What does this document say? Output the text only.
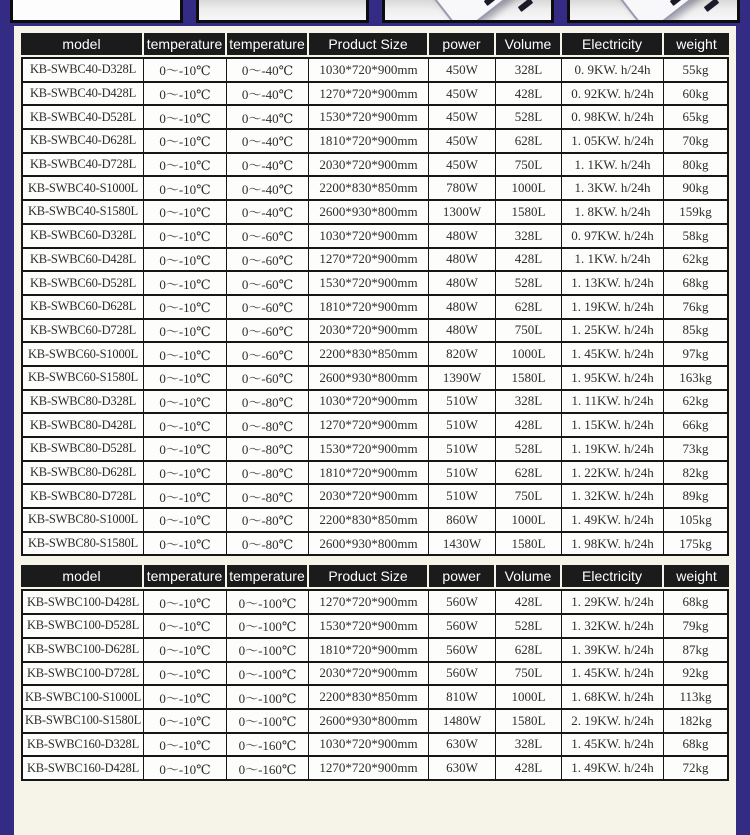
model	temperature	temperature	Product Size	power	Volume	Electricity	weight
KB-SWBC40-D328L	0～-10℃	0～-40℃	1030*720*900mm	450W	328L	0. 9KW. h/24h	55kg
KB-SWBC40-D428L	0～-10℃	0～-40℃	1270*720*900mm	450W	428L	0. 92KW. h/24h	60kg
KB-SWBC40-D528L	0～-10℃	0～-40℃	1530*720*900mm	450W	528L	0. 98KW. h/24h	65kg
KB-SWBC40-D628L	0～-10℃	0～-40℃	1810*720*900mm	450W	628L	1. 05KW. h/24h	70kg
KB-SWBC40-D728L	0～-10℃	0～-40℃	2030*720*900mm	450W	750L	1. 1KW. h/24h	80kg
KB-SWBC40-S1000L	0～-10℃	0～-40℃	2200*830*850mm	780W	1000L	1. 3KW. h/24h	90kg
KB-SWBC40-S1580L	0～-10℃	0～-40℃	2600*930*800mm	1300W	1580L	1. 8KW. h/24h	159kg
KB-SWBC60-D328L	0～-10℃	0～-60℃	1030*720*900mm	480W	328L	0. 97KW. h/24h	58kg
KB-SWBC60-D428L	0～-10℃	0～-60℃	1270*720*900mm	480W	428L	1. 1KW. h/24h	62kg
KB-SWBC60-D528L	0～-10℃	0～-60℃	1530*720*900mm	480W	528L	1. 13KW. h/24h	68kg
KB-SWBC60-D628L	0～-10℃	0～-60℃	1810*720*900mm	480W	628L	1. 19KW. h/24h	76kg
KB-SWBC60-D728L	0～-10℃	0～-60℃	2030*720*900mm	480W	750L	1. 25KW. h/24h	85kg
KB-SWBC60-S1000L	0～-10℃	0～-60℃	2200*830*850mm	820W	1000L	1. 45KW. h/24h	97kg
KB-SWBC60-S1580L	0～-10℃	0～-60℃	2600*930*800mm	1390W	1580L	1. 95KW. h/24h	163kg
KB-SWBC80-D328L	0～-10℃	0～-80℃	1030*720*900mm	510W	328L	1. 11KW. h/24h	62kg
KB-SWBC80-D428L	0～-10℃	0～-80℃	1270*720*900mm	510W	428L	1. 15KW. h/24h	66kg
KB-SWBC80-D528L	0～-10℃	0～-80℃	1530*720*900mm	510W	528L	1. 19KW. h/24h	73kg
KB-SWBC80-D628L	0～-10℃	0～-80℃	1810*720*900mm	510W	628L	1. 22KW. h/24h	82kg
KB-SWBC80-D728L	0～-10℃	0～-80℃	2030*720*900mm	510W	750L	1. 32KW. h/24h	89kg
KB-SWBC80-S1000L	0～-10℃	0～-80℃	2200*830*850mm	860W	1000L	1. 49KW. h/24h	105kg
KB-SWBC80-S1580L	0～-10℃	0～-80℃	2600*930*800mm	1430W	1580L	1. 98KW. h/24h	175kg
model	temperature	temperature	Product Size	power	Volume	Electricity	weight
KB-SWBC100-D428L	0～-10℃	0～-100℃	1270*720*900mm	560W	428L	1. 29KW. h/24h	68kg
KB-SWBC100-D528L	0～-10℃	0～-100℃	1530*720*900mm	560W	528L	1. 32KW. h/24h	79kg
KB-SWBC100-D628L	0～-10℃	0～-100℃	1810*720*900mm	560W	628L	1. 39KW. h/24h	87kg
KB-SWBC100-D728L	0～-10℃	0～-100℃	2030*720*900mm	560W	750L	1. 45KW. h/24h	92kg
KB-SWBC100-S1000L	0～-10℃	0～-100℃	2200*830*850mm	810W	1000L	1. 68KW. h/24h	113kg
KB-SWBC100-S1580L	0～-10℃	0～-100℃	2600*930*800mm	1480W	1580L	2. 19KW. h/24h	182kg
KB-SWBC160-D328L	0～-10℃	0～-160℃	1030*720*900mm	630W	328L	1. 45KW. h/24h	68kg
KB-SWBC160-D428L	0～-10℃	0～-160℃	1270*720*900mm	630W	428L	1. 49KW. h/24h	72kg
